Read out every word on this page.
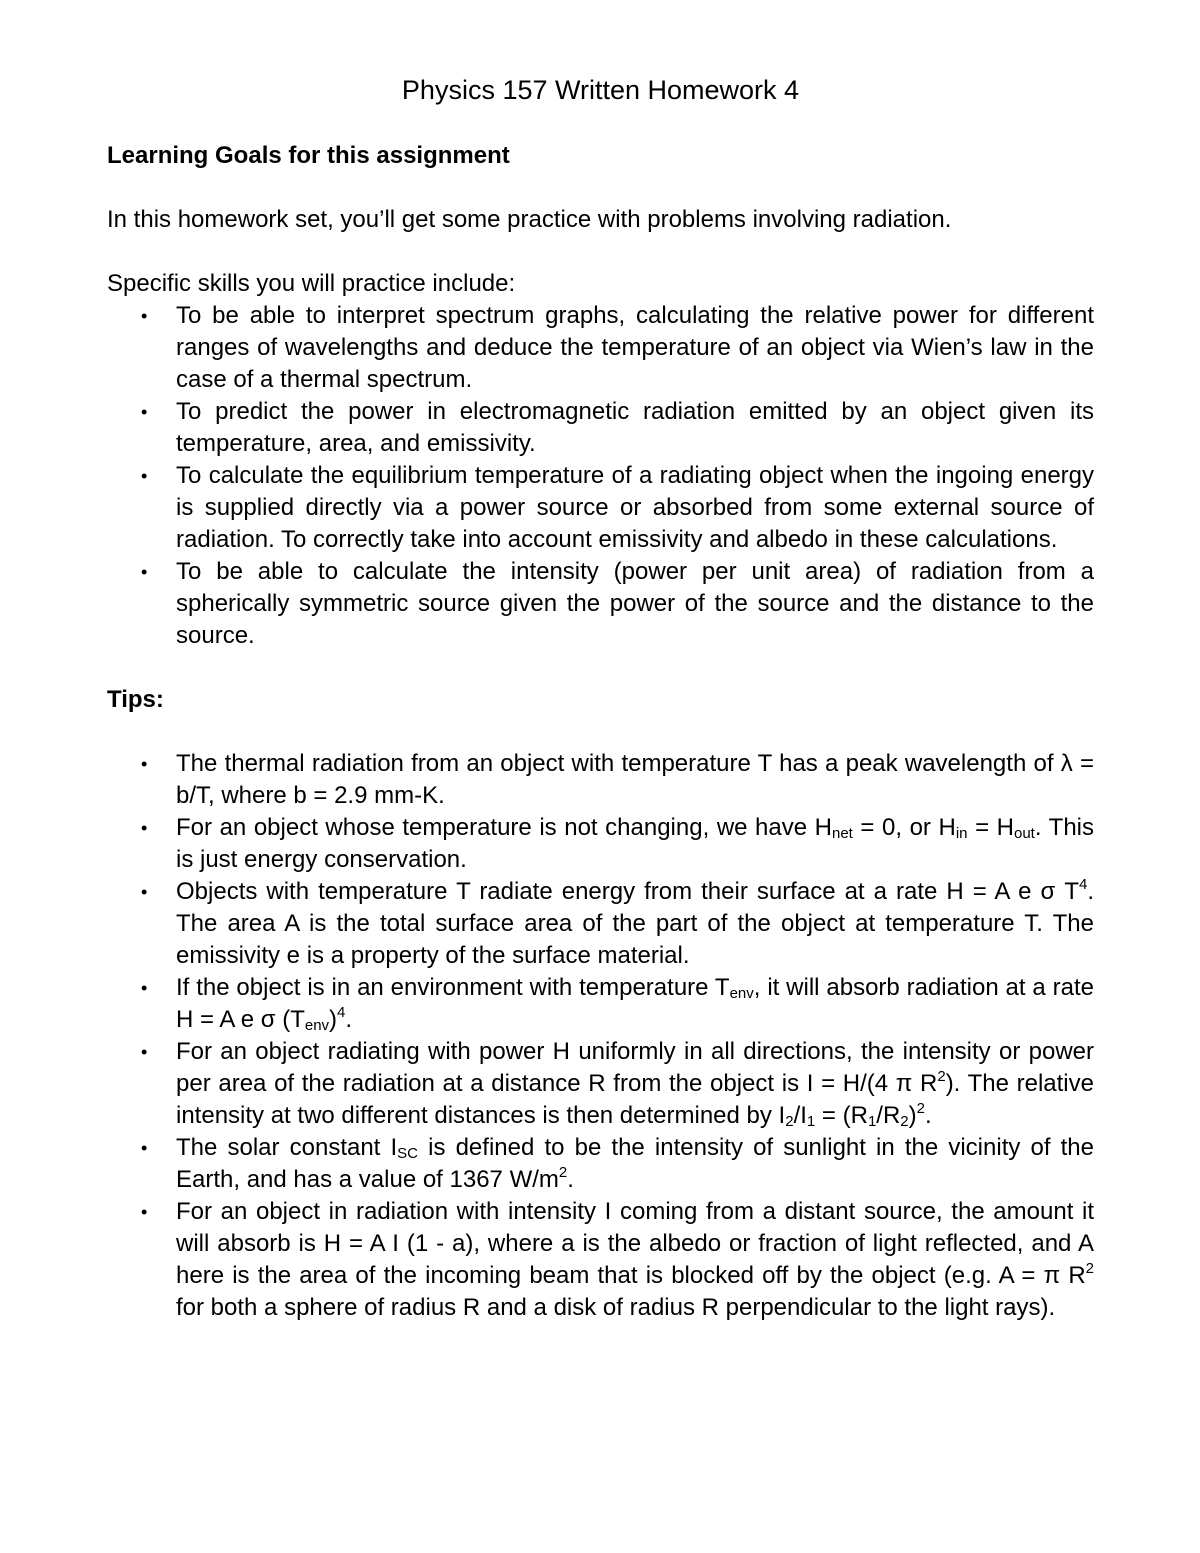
Physics 157 Written Homework 4

Learning Goals for this assignment

In this homework set, you’ll get some practice with problems involving radiation.

Specific skills you will practice include:

• To be able to interpret spectrum graphs, calculating the relative power for different ranges of wavelengths and deduce the temperature of an object via Wien’s law in the case of a thermal spectrum.
• To predict the power in electromagnetic radiation emitted by an object given its temperature, area, and emissivity.
• To calculate the equilibrium temperature of a radiating object when the ingoing energy is supplied directly via a power source or absorbed from some external source of radiation. To correctly take into account emissivity and albedo in these calculations.
• To be able to calculate the intensity (power per unit area) of radiation from a spherically symmetric source given the power of the source and the distance to the source.

Tips:

• The thermal radiation from an object with temperature T has a peak wavelength of λ = b/T, where b = 2.9 mm-K.
• For an object whose temperature is not changing, we have $H_{net} = 0$, or $H_{in} = H_{out}$. This is just energy conservation.
• Objects with temperature T radiate energy from their surface at a rate H = A e σ $T^4$. The area A is the total surface area of the part of the object at temperature T. The emissivity e is a property of the surface material.
• If the object is in an environment with temperature $T_{env}$, it will absorb radiation at a rate H = A e σ $(T_{env})^4$.
• For an object radiating with power H uniformly in all directions, the intensity or power per area of the radiation at a distance R from the object is I = H/(4 π $R^2$). The relative intensity at two different distances is then determined by $I_2/I_1 = (R_1/R_2)^2$.
• The solar constant $I_{SC}$ is defined to be the intensity of sunlight in the vicinity of the Earth, and has a value of 1367 $W/m^2$.
• For an object in radiation with intensity I coming from a distant source, the amount it will absorb is H = A I (1 - a), where a is the albedo or fraction of light reflected, and A here is the area of the incoming beam that is blocked off by the object (e.g. A = π $R^2$ for both a sphere of radius R and a disk of radius R perpendicular to the light rays).
